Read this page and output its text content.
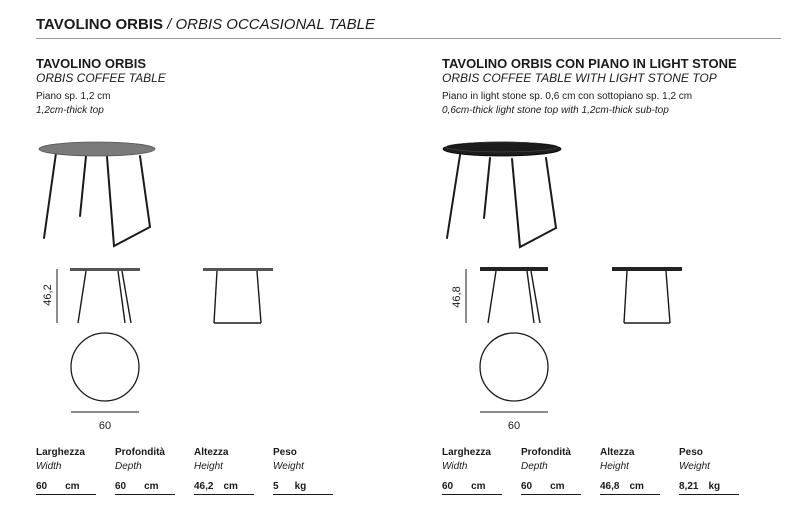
TAVOLINO ORBIS / ORBIS OCCASIONAL TABLE
TAVOLINO ORBIS
ORBIS COFFEE TABLE
Piano sp. 1,2 cm
1,2cm-thick top
46,2
60
Larghezza
Width
60 cm
Profondità
Depth
60 cm
Altezza
Height
46,2 cm
Peso
Weight
5 kg
TAVOLINO ORBIS CON PIANO IN LIGHT STONE
ORBIS COFFEE TABLE WITH LIGHT STONE TOP
Piano in light stone sp. 0,6 cm con sottopiano sp. 1,2 cm
0,6cm-thick light stone top with 1,2cm-thick sub-top
46,8
60
Larghezza
Width
60 cm
Profondità
Depth
60 cm
Altezza
Height
46,8 cm
Peso
Weight
8,21 kg
